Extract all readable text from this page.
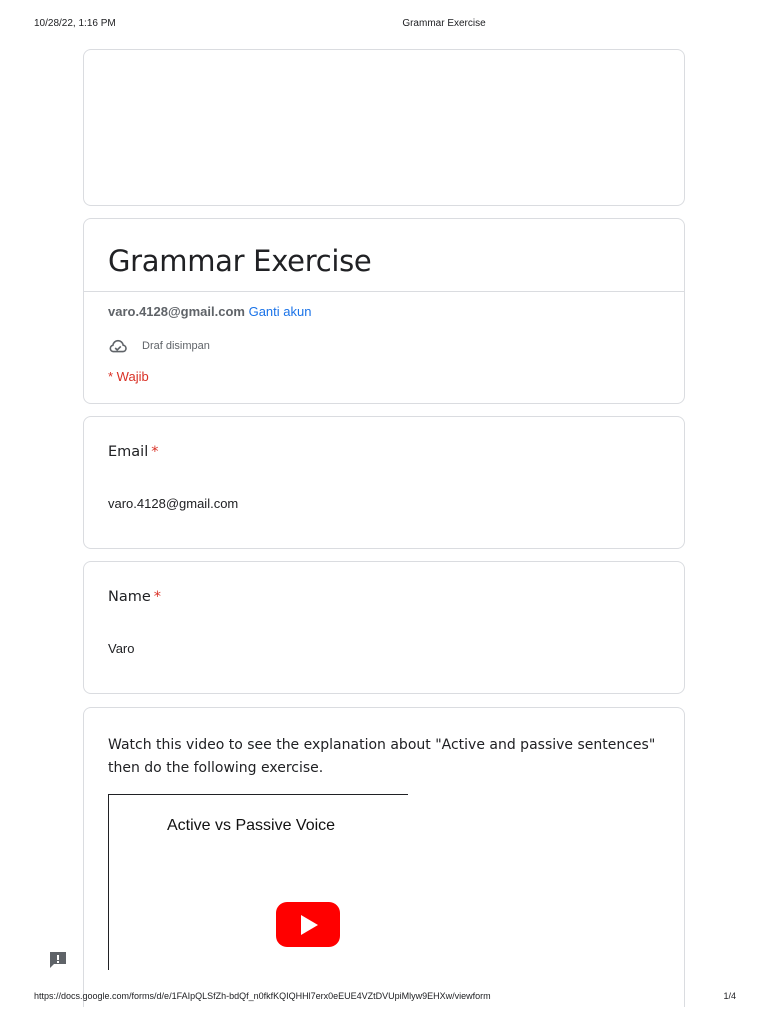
10/28/22, 1:16 PM	Grammar Exercise
Grammar Exercise
varo.4128@gmail.com Ganti akun
Draf disimpan
* Wajib
Email *
varo.4128@gmail.com
Name *
Varo
Watch this video to see the explanation about "Active and passive sentences" then do the following exercise.
Active vs Passive Voice
https://docs.google.com/forms/d/e/1FAIpQLSfZh-bdQf_n0fkfKQIQHHl7erx0eEUE4VZtDVUpiMlyw9EHXw/viewform	1/4
